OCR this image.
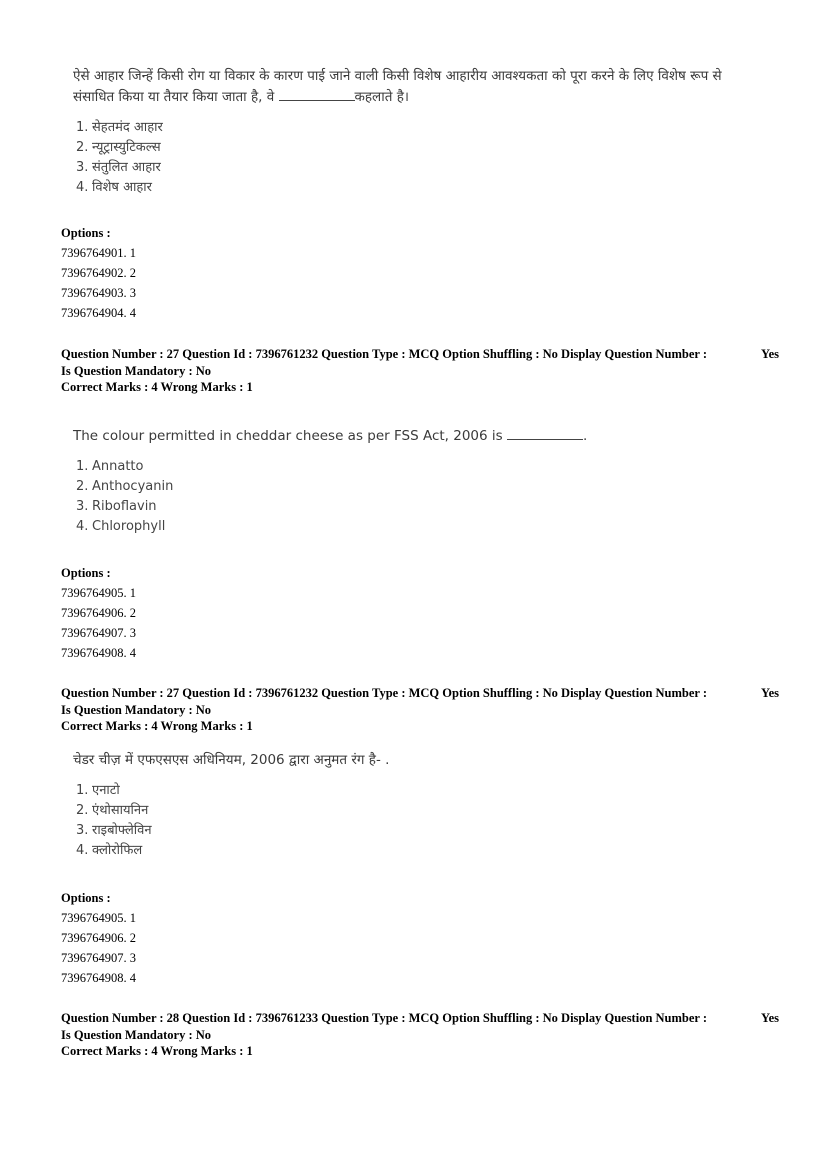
ऐसे आहार जिन्हें किसी रोग या विकार के कारण पाई जाने वाली किसी विशेष आहारीय आवश्यकता को पूरा करने के लिए विशेष रूप से
संसाधित किया या तैयार किया जाता है, वे	कहलाते है।
1. सेहतमंद आहार
2. न्यूट्रास्युटिकल्स
3. संतुलित आहार
4. विशेष आहार
Options :
7396764901. 1
7396764902. 2
7396764903. 3
7396764904. 4
Question Number : 27 Question Id : 7396761232 Question Type : MCQ Option Shuffling : No Display Question Number :	Yes
Is Question Mandatory : No
Correct Marks : 4 Wrong Marks : 1
The colour permitted in cheddar cheese as per FSS Act, 2006 is	.
1. Annatto
2. Anthocyanin
3. Riboflavin
4. Chlorophyll
Options :
7396764905. 1
7396764906. 2
7396764907. 3
7396764908. 4
Question Number : 27 Question Id : 7396761232 Question Type : MCQ Option Shuffling : No Display Question Number :	Yes
Is Question Mandatory : No
Correct Marks : 4 Wrong Marks : 1
चेडर चीज़ में एफएसएस अधिनियम, 2006 द्वारा अनुमत रंग है- .
1. एनाटो
2. एंथोसायनिन
3. राइबोफ्लेविन
4. क्लोरोफिल
Options :
7396764905. 1
7396764906. 2
7396764907. 3
7396764908. 4
Question Number : 28 Question Id : 7396761233 Question Type : MCQ Option Shuffling : No Display Question Number :	Yes
Is Question Mandatory : No
Correct Marks : 4 Wrong Marks : 1
